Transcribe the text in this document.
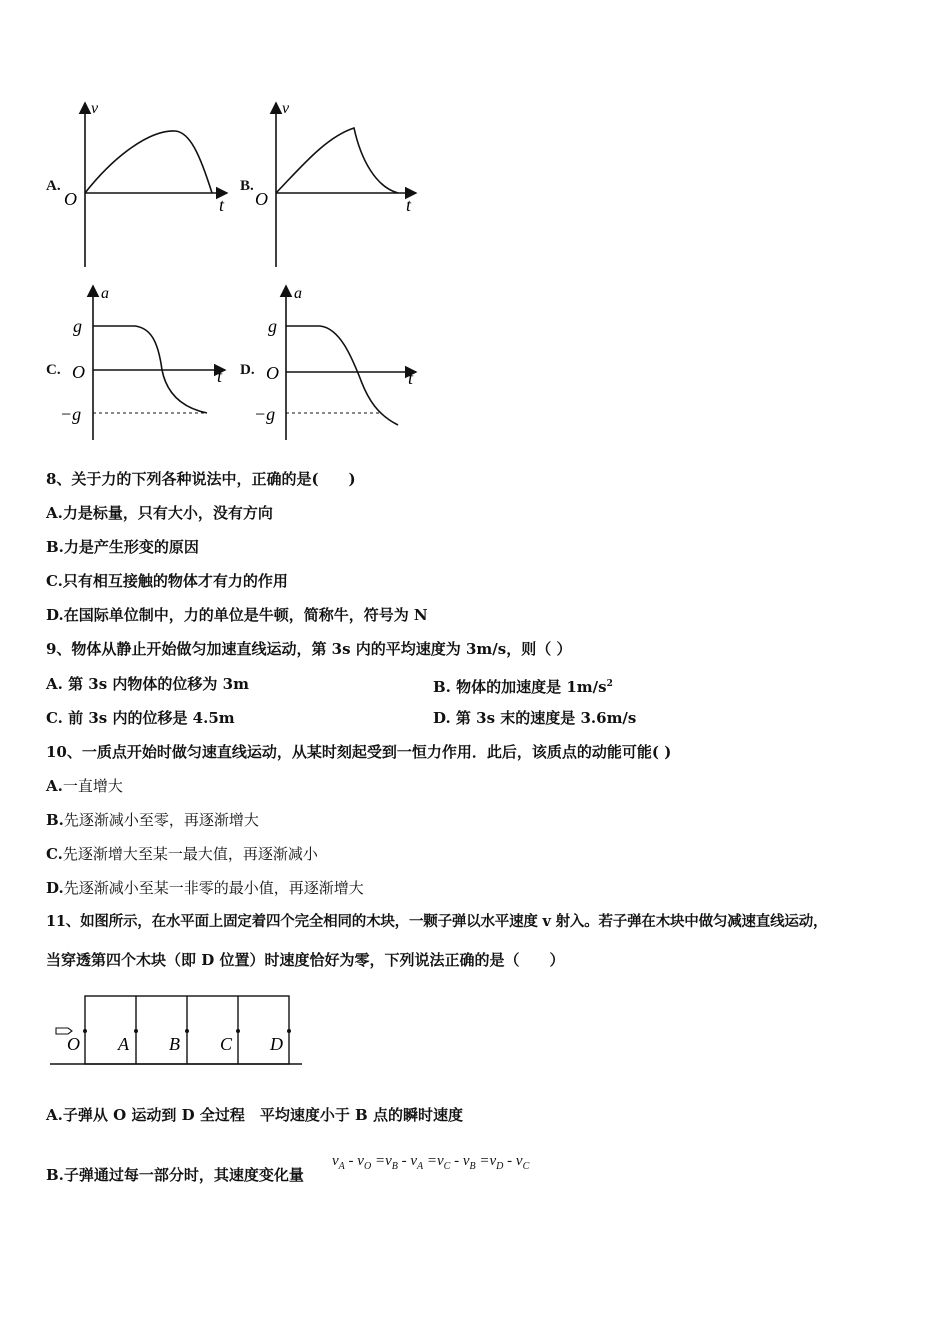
A.	B.
C.	D.
v
O	t
v
O	t
a
g
O
−g
t
a
g
O
−g
t
8、关于力的下列各种说法中，正确的是(　　)
A.力是标量，只有大小，没有方向
B.力是产生形变的原因
C.只有相互接触的物体才有力的作用
D.在国际单位制中，力的单位是牛顿，简称牛，符号为 N
9、物体从静止开始做匀加速直线运动，第 3s 内的平均速度为 3m/s，则（ ）
A. 第 3s 内物体的位移为 3m	B. 物体的加速度是 $1m/s^2$
C. 前 3s 内的位移是 4.5m	D. 第 3s 末的速度是 3.6m/s
10、一质点开始时做匀速直线运动，从某时刻起受到一恒力作用．此后，该质点的动能可能( )
A.一直增大
B.先逐渐减小至零，再逐渐增大
C.先逐渐增大至某一最大值，再逐渐减小
D.先逐渐减小至某一非零的最小值，再逐渐增大
11、如图所示，在水平面上固定着四个完全相同的木块，一颗子弹以水平速度 v 射入。若子弹在木块中做匀减速直线运动，
当穿透第四个木块（即 D 位置）时速度恰好为零，下列说法正确的是（　　）
O A B C D
A.子弹从 O 运动到 D 全过程　平均速度小于 B 点的瞬时速度
B.子弹通过每一部分时，其速度变化量
$v_A - v_O =v_B - v_A =v_C - v_B =v_D - v_C$
